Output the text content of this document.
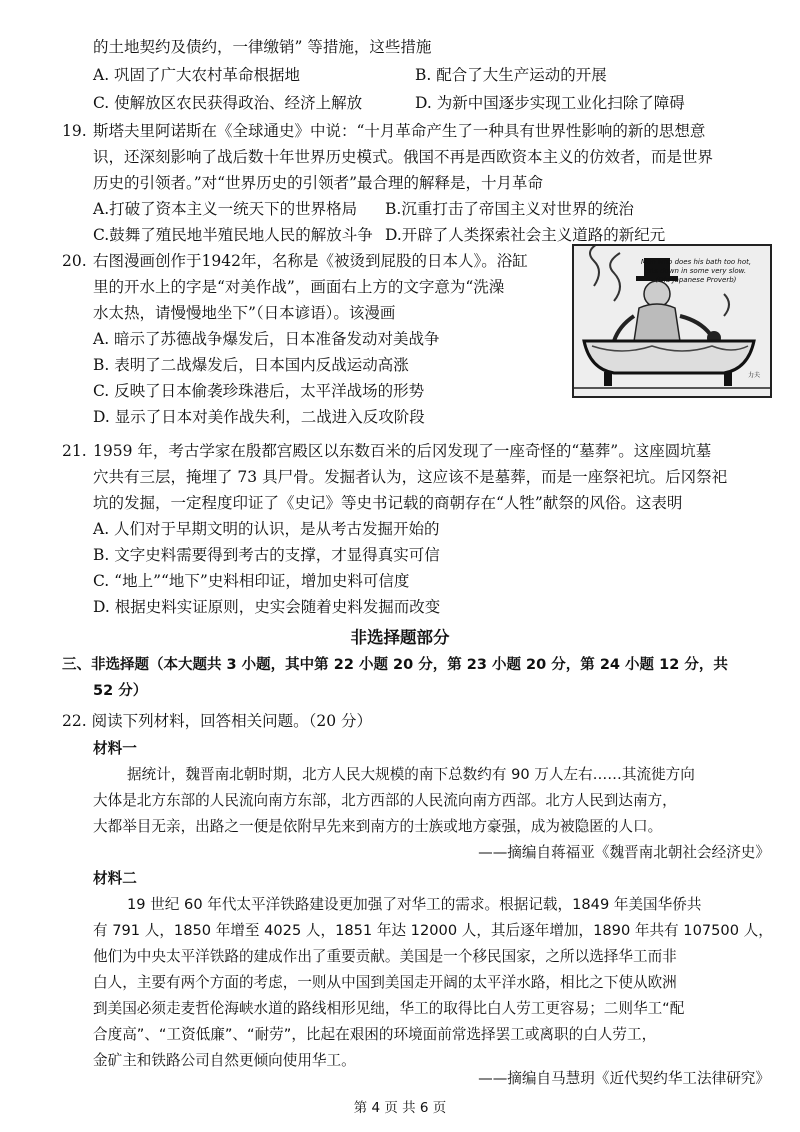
的土地契约及债约，一律缴销” 等措施，这些措施
A. 巩固了广大农村革命根据地	B. 配合了大生产运动的开展
C. 使解放区农民获得政治、经济上解放	D. 为新中国逐步实现工业化扫除了障碍
19. 斯塔夫里阿诺斯在《全球通史》中说：“十月革命产生了一种具有世界性影响的新的思想意
识，还深刻影响了战后数十年世界历史模式。俄国不再是西欧资本主义的仿效者，而是世界
历史的引领者。”对“世界历史的引领者”最合理的解释是，十月革命
A.打破了资本主义一统天下的世界格局 B.沉重打击了帝国主义对世界的统治
C.鼓舞了殖民地半殖民地人民的解放斗争 D.开辟了人类探索社会主义道路的新纪元
20. 右图漫画创作于1942年，名称是《被烫到屁股的日本人》。浴缸
里的开水上的字是“对美作战”，画面右上方的文字意为“洗澡
水太热，请慢慢地坐下”（日本谚语）。该漫画
A. 暗示了苏德战争爆发后，日本准备发动对美战争
B. 表明了二战爆发后，日本国内反战运动高涨
C. 反映了日本偷袭珍珠港后，太平洋战场的形势
D. 显示了日本对美作战失利，二战进入反攻阶段
Man who does his bath too hot,
sits down in some very slow.
(Old Japanese Proverb)
力夫
21. 1959 年，考古学家在殷都宫殿区以东数百米的后冈发现了一座奇怪的“墓葬”。这座圆坑墓
穴共有三层，掩埋了 73 具尸骨。发掘者认为，这应该不是墓葬，而是一座祭祀坑。后冈祭祀
坑的发掘，一定程度印证了《史记》等史书记载的商朝存在“人牲”献祭的风俗。这表明
A. 人们对于早期文明的认识，是从考古发掘开始的
B. 文字史料需要得到考古的支撑，才显得真实可信
C. “地上”“地下”史料相印证，增加史料可信度
D. 根据史料实证原则，史实会随着史料发掘而改变
非选择题部分
三、非选择题（本大题共 3 小题，其中第 22 小题 20 分，第 23 小题 20 分，第 24 小题 12 分，共
52 分）
22. 阅读下列材料，回答相关问题。（20 分）
材料一
据统计，魏晋南北朝时期，北方人民大规模的南下总数约有 90 万人左右……其流徙方向
大体是北方东部的人民流向南方东部，北方西部的人民流向南方西部。北方人民到达南方，
大都举目无亲，出路之一便是依附早先来到南方的士族或地方豪强，成为被隐匿的人口。
——摘编自蒋福亚《魏晋南北朝社会经济史》
材料二
19 世纪 60 年代太平洋铁路建设更加强了对华工的需求。根据记载，1849 年美国华侨共
有 791 人，1850 年增至 4025 人，1851 年达 12000 人，其后逐年增加，1890 年共有 107500 人，
他们为中央太平洋铁路的建成作出了重要贡献。美国是一个移民国家，之所以选择华工而非
白人，主要有两个方面的考虑，一则从中国到美国走开阔的太平洋水路，相比之下使从欧洲
到美国必须走麦哲伦海峡水道的路线相形见绌，华工的取得比白人劳工更容易；二则华工“配
合度高”、“工资低廉”、“耐劳”，比起在艰困的环境面前常选择罢工或离职的白人劳工，
金矿主和铁路公司自然更倾向使用华工。
——摘编自马慧玥《近代契约华工法律研究》
第 4 页 共 6 页
